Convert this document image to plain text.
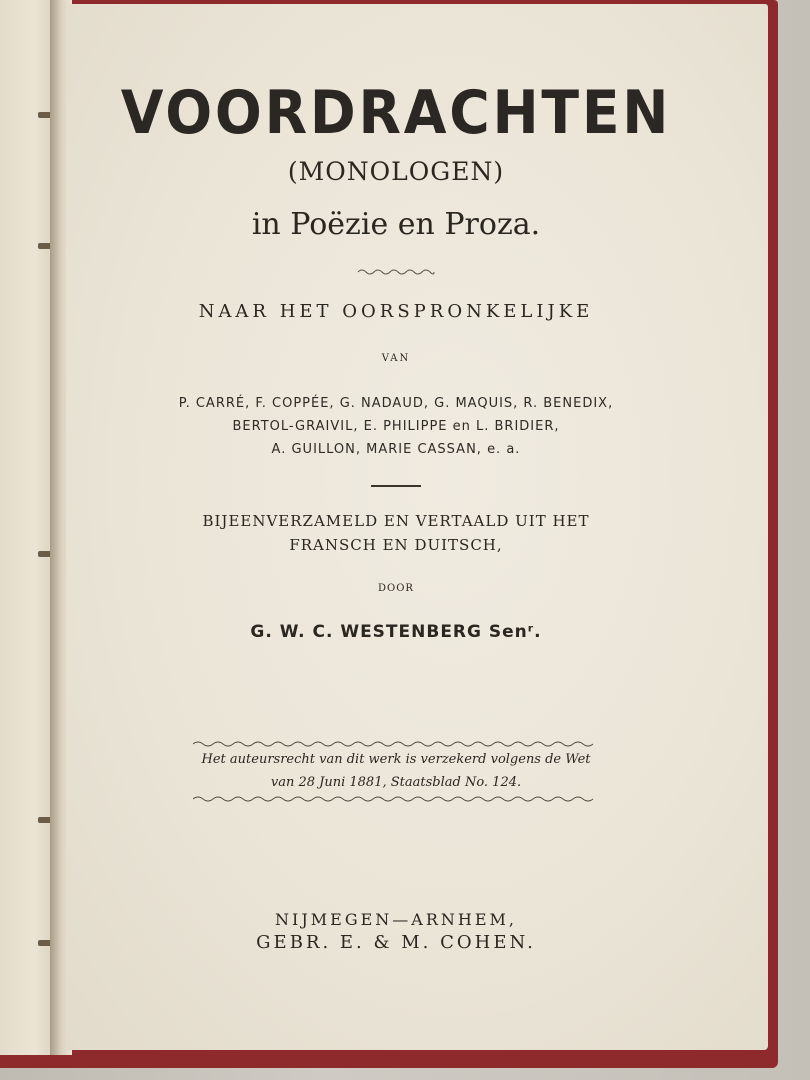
VOORDRACHTEN
(MONOLOGEN)
in Poëzie en Proza.
NAAR HET OORSPRONKELIJKE
VAN
P. CARRÉ, F. COPPÉE, G. NADAUD, G. MAQUIS, R. BENEDIX,
BERTOL-GRAIVIL, E. PHILIPPE en L. BRIDIER,
A. GUILLON, MARIE CASSAN, e. a.
BIJEENVERZAMELD EN VERTAALD UIT HET
FRANSCH EN DUITSCH,
DOOR
G. W. C. WESTENBERG Senʳ.
Het auteursrecht van dit werk is verzekerd volgens de Wet
van 28 Juni 1881, Staatsblad No. 124.
NIJMEGEN—ARNHEM,
GEBR. E. & M. COHEN.
